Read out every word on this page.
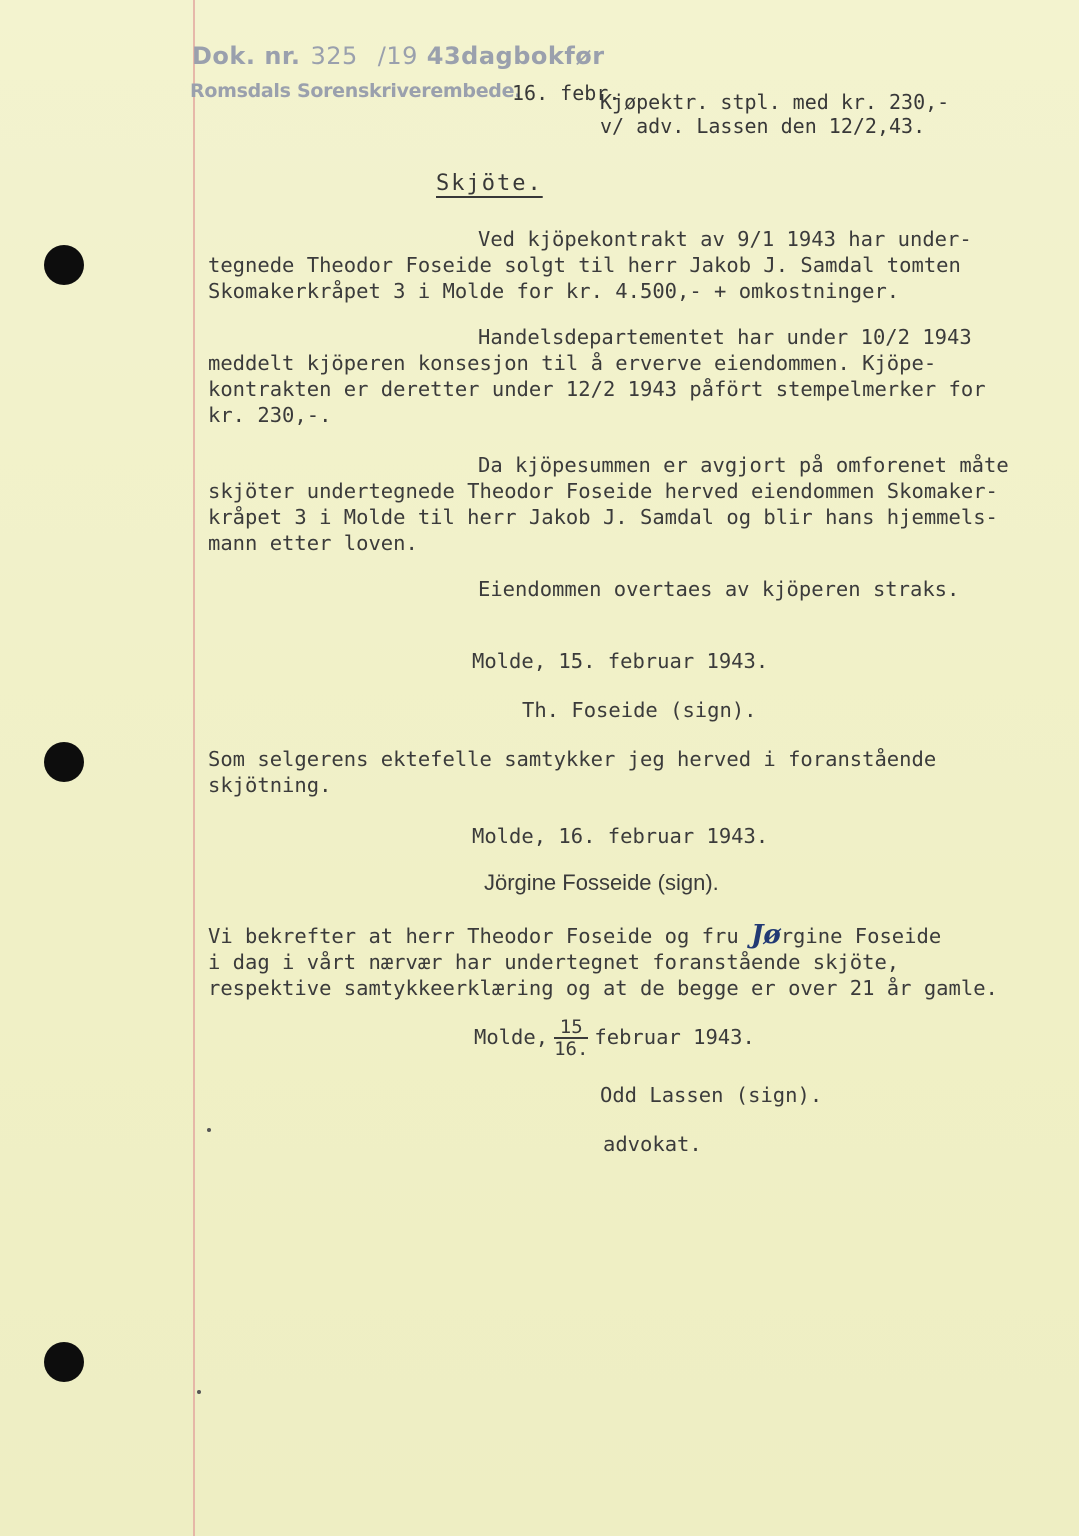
Dok. nr. 325 /19 43dagbokfør
Romsdals Sorenskriverembede.
16. febr.
Kjøpektr. stpl. med kr. 230,-
v/ adv. Lassen den 12/2,43.
Skjöte.

Ved kjöpekontrakt av 9/1 1943 har under-

tegnede Theodor Foseide solgt til herr Jakob J. Samdal tomten

Skomakerkråpet 3 i Molde for kr. 4.500,- + omkostninger.

Handelsdepartementet har under 10/2 1943

meddelt kjöperen konsesjon til å erverve eiendommen. Kjöpe-

kontrakten er deretter under 12/2 1943 påfört stempelmerker for

kr. 230,-.

Da kjöpesummen er avgjort på omforenet måte

skjöter undertegnede Theodor Foseide herved eiendommen Skomaker-

kråpet 3 i Molde til herr Jakob J. Samdal og blir hans hjemmels-

mann etter loven.

Eiendommen overtaes av kjöperen straks.
Molde, 15. februar 1943.
Th. Foseide (sign).
Som selgerens ektefelle samtykker jeg herved i foranstående
skjötning.
Molde, 16. februar 1943.
Jörgine Fosseide (sign).
Vi bekrefter at herr Theodor Foseide og fru Jørgine Foseide
i dag i vårt nærvær har undertegnet foranstående skjöte,
respektive samtykkeerklæring og at de begge er over 21 år gamle.
Molde, $\frac{15}{16.}$ februar 1943.
Odd Lassen (sign).
advokat.
